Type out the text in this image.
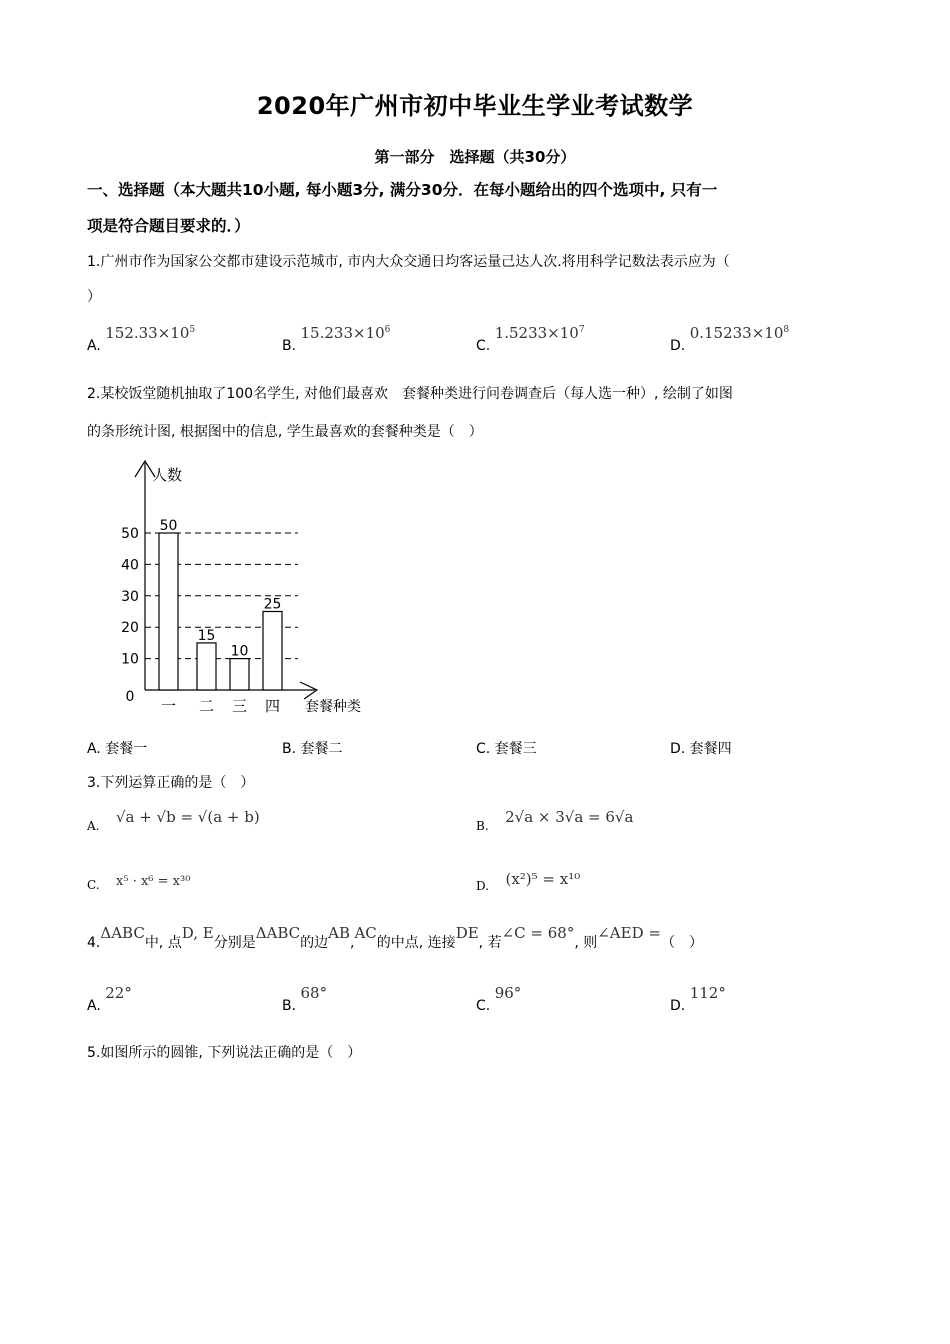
2020年广州市初中毕业生学业考试数学
第一部分　选择题（共30分）
一、选择题（本大题共10小题, 每小题3分, 满分30分．在每小题给出的四个选项中, 只有一
项是符合题目要求的．）
1.广州市作为国家公交都市建设示范城市, 市内大众交通日均客运量己达人次.将用科学记数法表示应为（
）
A. $152.33\times 10^5$
B. $15.233\times 10^6$
C. $1.5233\times 10^7$
D. $0.15233\times 10^8$
2.某校饭堂随机抽取了100名学生, 对他们最喜欢　套餐种类进行问卷调查后（每人选一种）, 绘制了如图
的条形统计图, 根据图中的信息, 学生最喜欢的套餐种类是（　）
0
10
20
30
40
50
人数
50
一
15
二
10
三
25
四 套餐种类
A. 套餐一	B. 套餐二	C. 套餐三	D. 套餐四
3.下列运算正确的是（　）
A. √a + √b = √(a + b)	B. 2√a × 3√a = 6√a
C. x⁵ · x⁶ = x³⁰	D. (x²)⁵ = x¹⁰
4.ΔABC中, 点D, E分别是ΔABC的边AB,AC的中点, 连接DE, 若∠C = 68°, 则∠AED =（　）
A. 22°
B. 68°
C. 96°
D. 112°
5.如图所示的圆锥, 下列说法正确的是（　）
